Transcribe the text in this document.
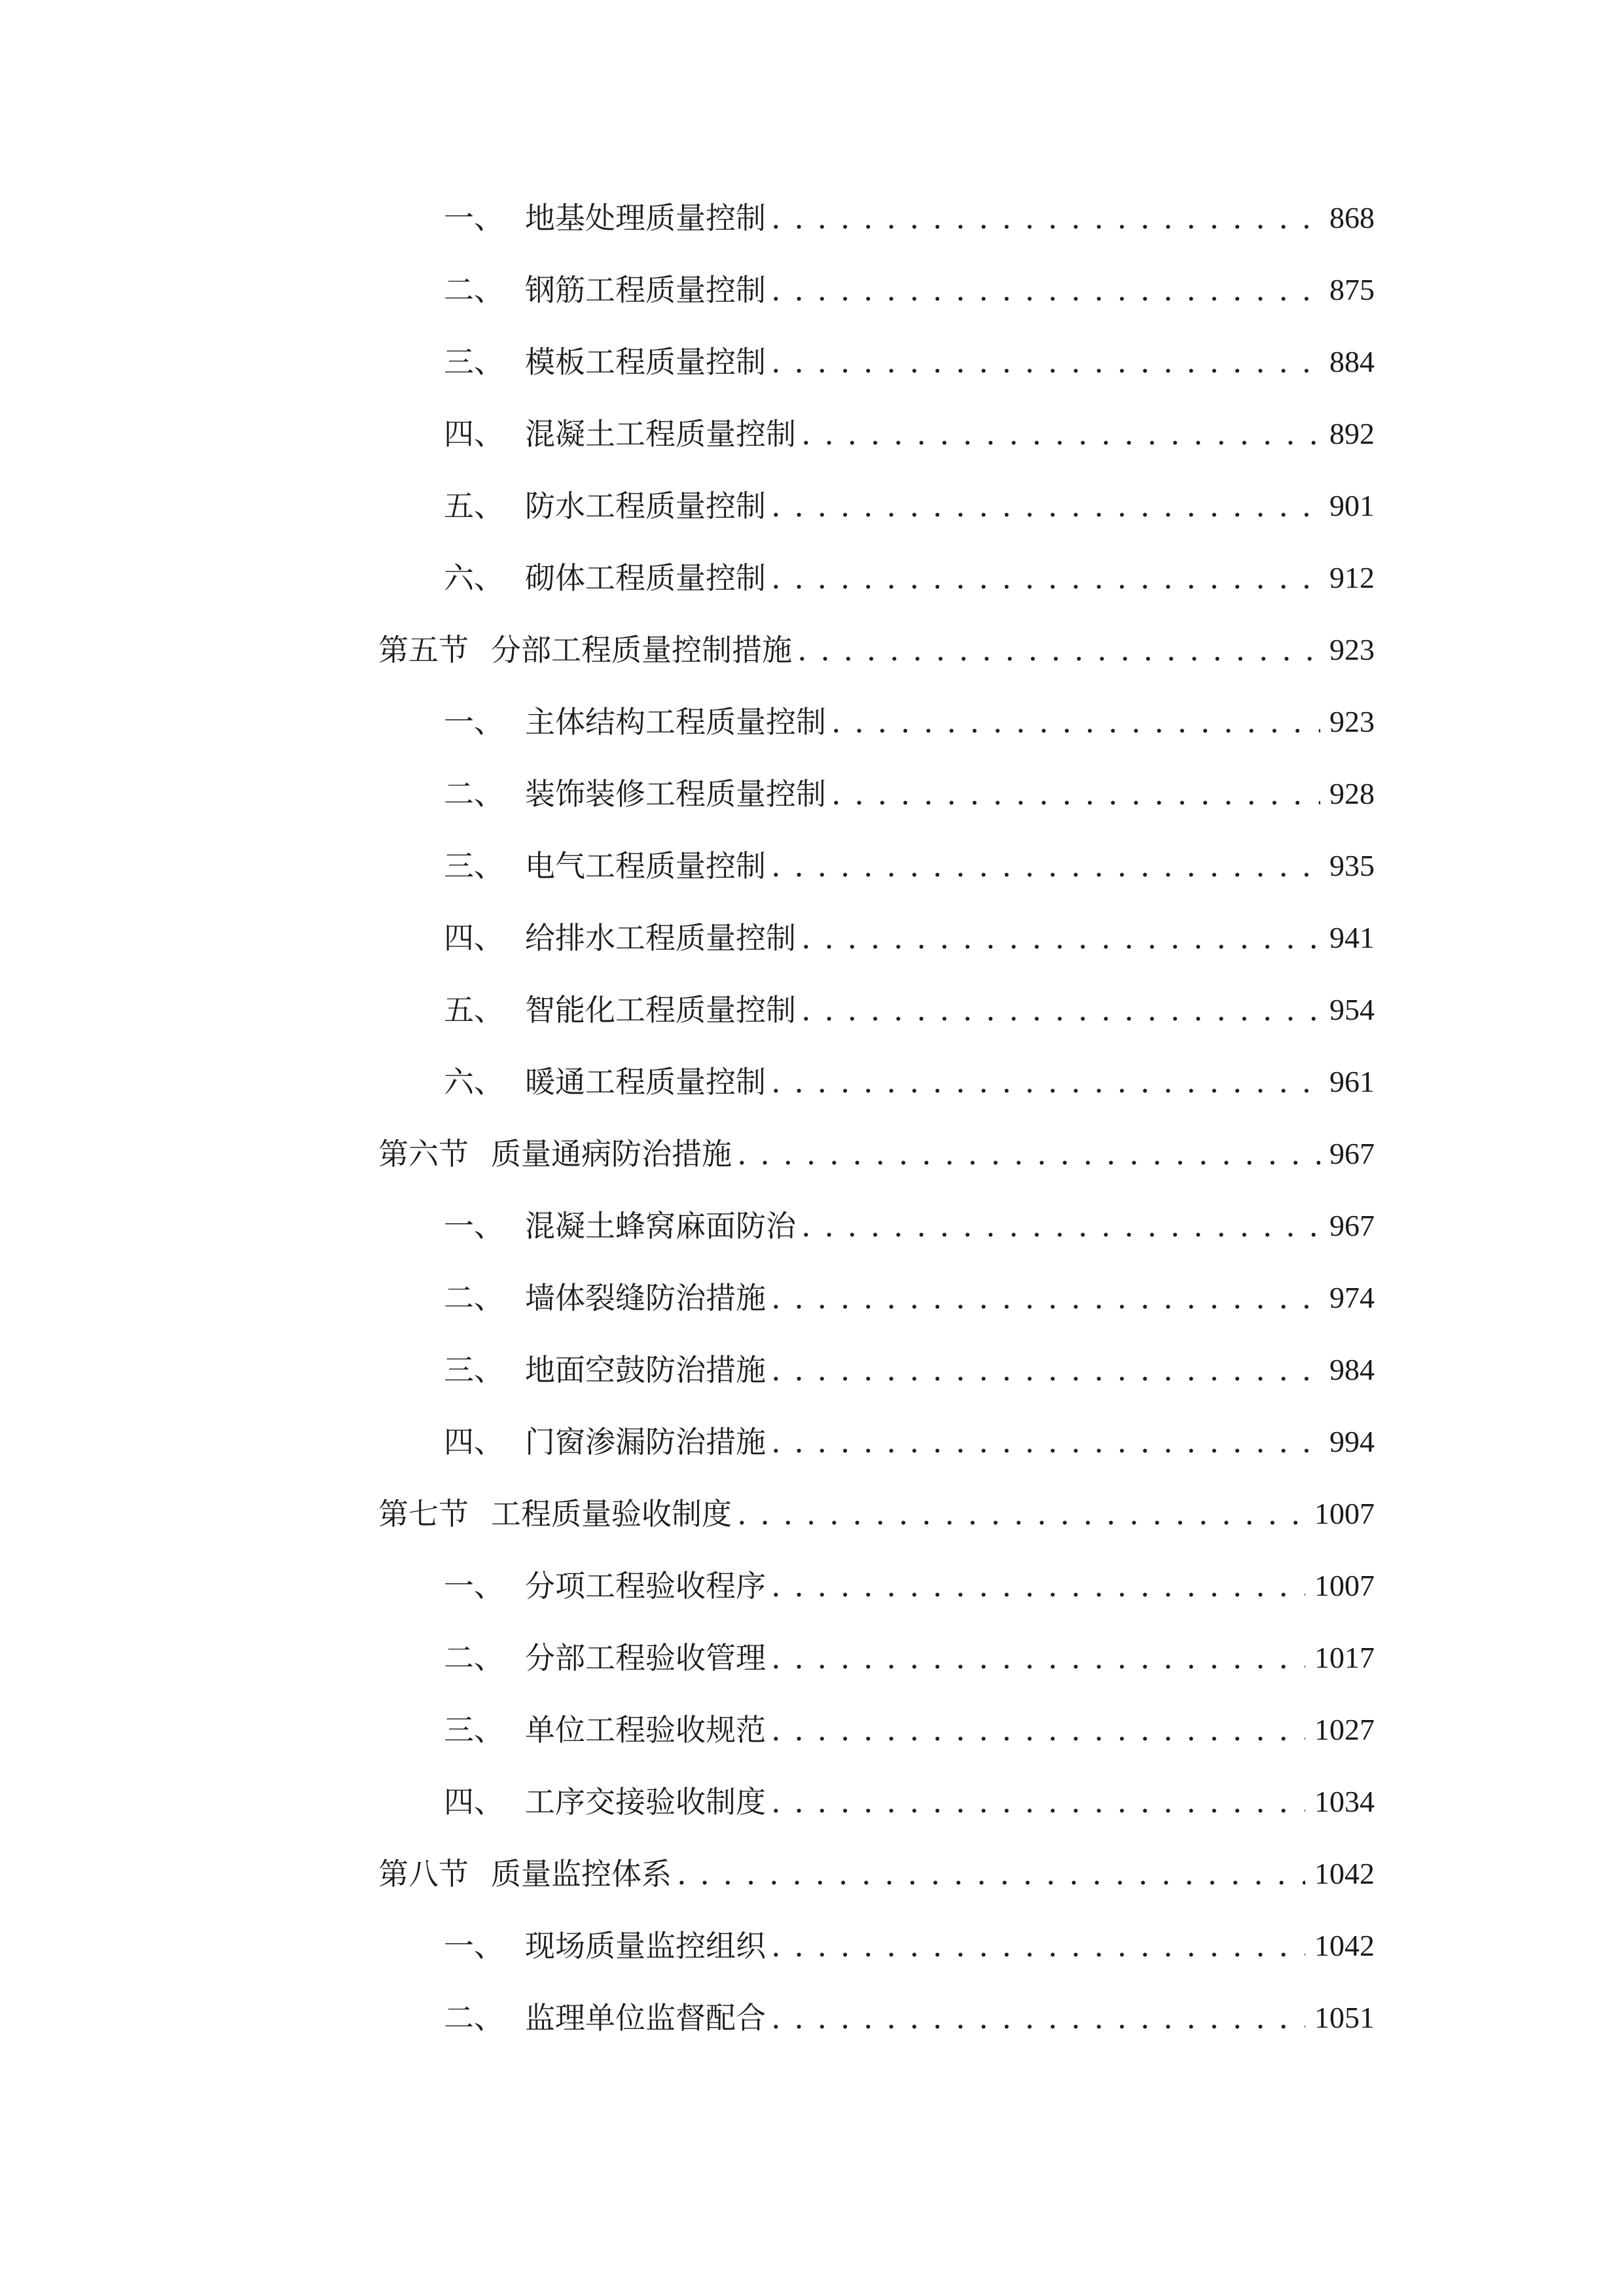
一、 地基处理质量控制 . . .	868
二、 钢筋工程质量控制 . . .	875
三、 模板工程质量控制 . . .	884
四、 混凝土工程质量控制 . . .	892
五、 防水工程质量控制 . . .	901
六、 砌体工程质量控制 . . .	912
第五节 分部工程质量控制措施 . . .	923
一、 主体结构工程质量控制 . . .	923
二、 装饰装修工程质量控制 . . .	928
三、 电气工程质量控制 . . .	935
四、 给排水工程质量控制 . . .	941
五、 智能化工程质量控制 . . .	954
六、 暖通工程质量控制 . . .	961
第六节 质量通病防治措施 . . .	967
一、 混凝土蜂窝麻面防治 . . .	967
二、 墙体裂缝防治措施 . . .	974
三、 地面空鼓防治措施 . . .	984
四、 门窗渗漏防治措施 . . .	994
第七节 工程质量验收制度 . . .	1007
一、 分项工程验收程序 . . .	1007
二、 分部工程验收管理 . . .	1017
三、 单位工程验收规范 . . .	1027
四、 工序交接验收制度 . . .	1034
第八节 质量监控体系 . . .	1042
一、 现场质量监控组织 . . .	1042
二、 监理单位监督配合 . . .	1051
